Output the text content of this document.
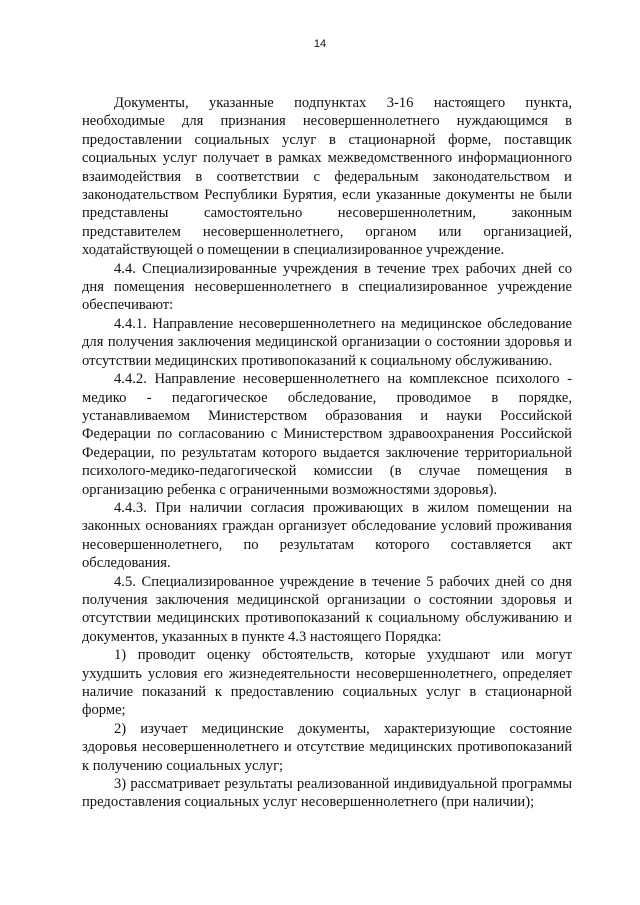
14

Документы, указанные подпунктах 3-16 настоящего пункта, необходимые для признания несовершеннолетнего нуждающимся в предоставлении социальных услуг в стационарной форме, поставщик социальных услуг получает в рамках межведомственного информационного взаимодействия в соответствии с федеральным законодательством и законодательством Республики Бурятия, если указанные документы не были представлены самостоятельно несовершеннолетним, законным представителем несовершеннолетнего, органом или организацией, ходатайствующей о помещении в специализированное учреждение.

4.4. Специализированные учреждения в течение трех рабочих дней со дня помещения несовершеннолетнего в специализированное учреждение обеспечивают:

4.4.1. Направление несовершеннолетнего на медицинское обследование для получения заключения медицинской организации о состоянии здоровья и отсутствии медицинских противопоказаний к социальному обслуживанию.

4.4.2. Направление несовершеннолетнего на комплексное психолого - медико - педагогическое обследование, проводимое в порядке, устанавливаемом Министерством образования и науки Российской Федерации по согласованию с Министерством здравоохранения Российской Федерации, по результатам которого выдается заключение территориальной психолого-медико-педагогической комиссии (в случае помещения в организацию ребенка с ограниченными возможностями здоровья).

4.4.3. При наличии согласия проживающих в жилом помещении на законных основаниях граждан организует обследование условий проживания несовершеннолетнего, по результатам которого составляется акт обследования.

4.5. Специализированное учреждение в течение 5 рабочих дней со дня получения заключения медицинской организации о состоянии здоровья и отсутствии медицинских противопоказаний к социальному обслуживанию и документов, указанных в пункте 4.3 настоящего Порядка:

1) проводит оценку обстоятельств, которые ухудшают или могут ухудшить условия его жизнедеятельности несовершеннолетнего, определяет наличие показаний к предоставлению социальных услуг в стационарной форме;

2) изучает медицинские документы, характеризующие состояние здоровья несовершеннолетнего и отсутствие медицинских противопоказаний к получению социальных услуг;

3) рассматривает результаты реализованной индивидуальной программы предоставления социальных услуг несовершеннолетнего (при наличии);
